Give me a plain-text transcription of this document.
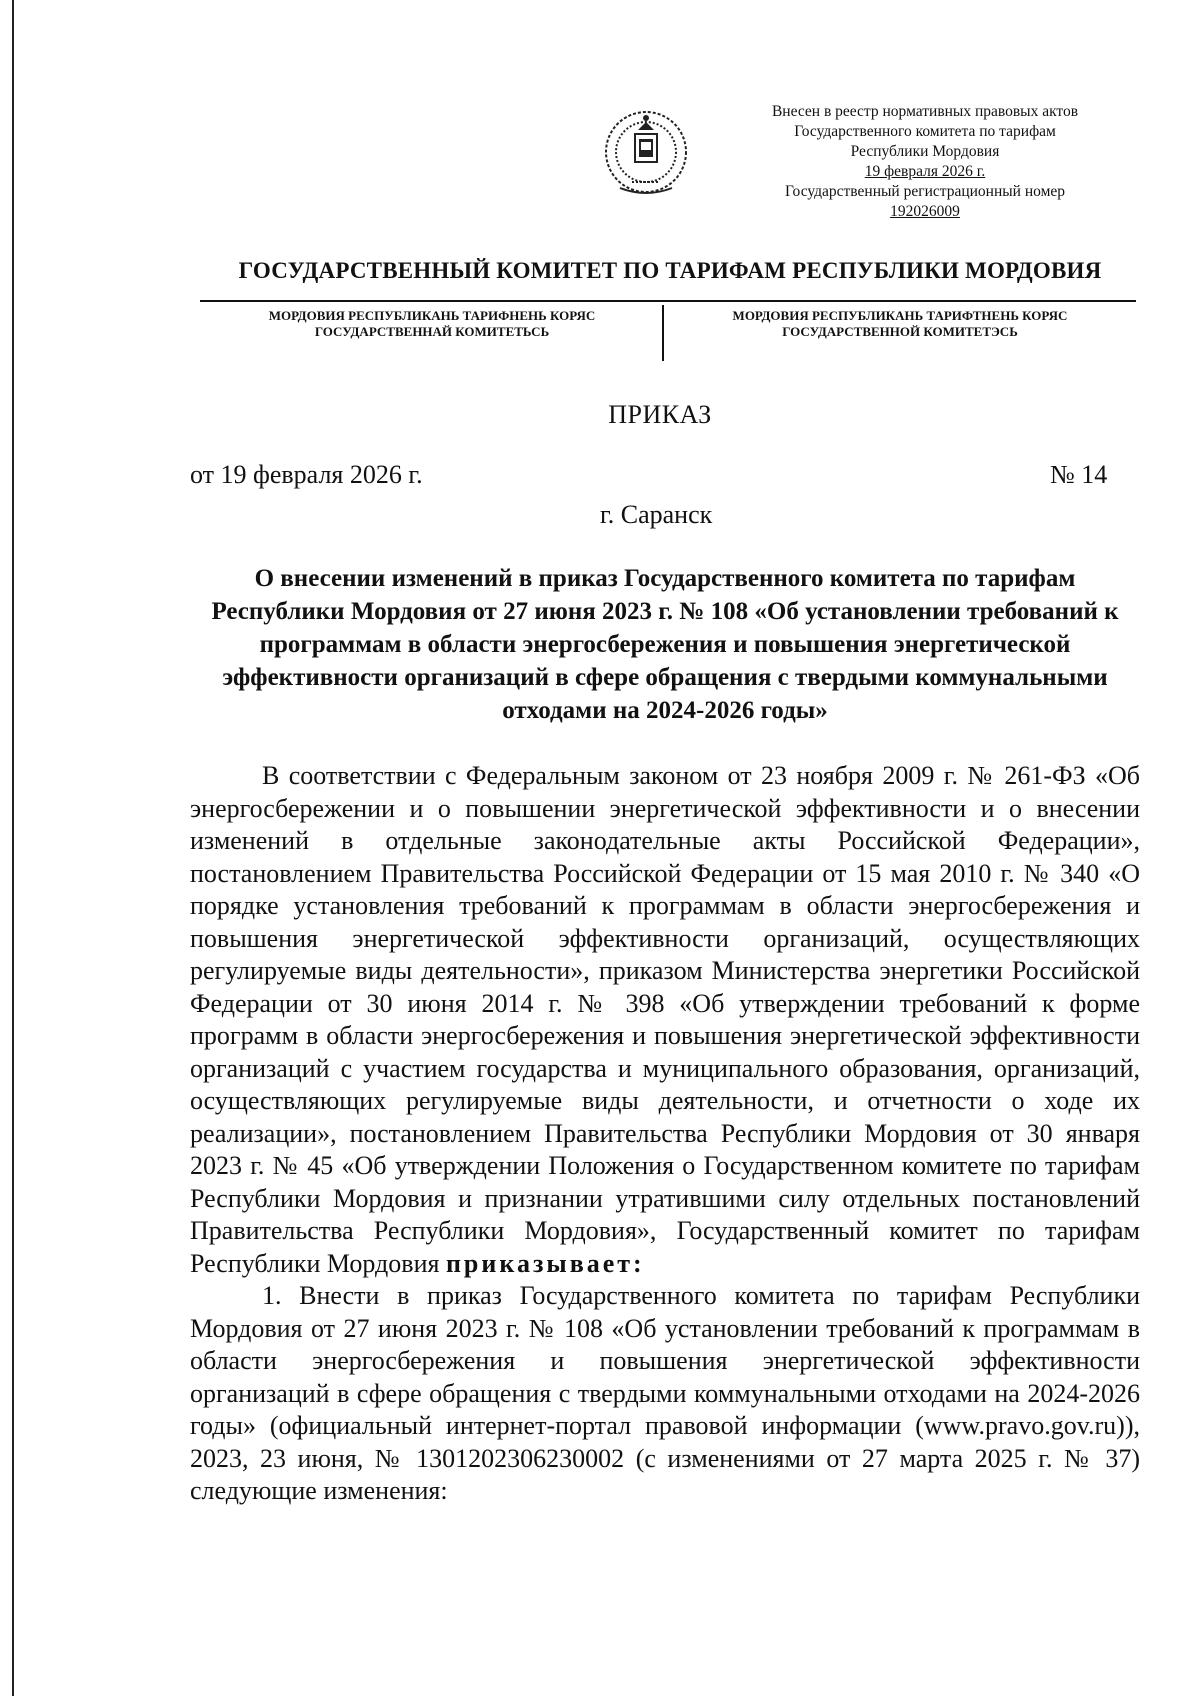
Внесен в реестр нормативных правовых актов
Государственного комитета по тарифам
Республики Мордовия
19 февраля 2026 г.
Государственный регистрационный номер
192026009
ГОСУДАРСТВЕННЫЙ КОМИТЕТ ПО ТАРИФАМ РЕСПУБЛИКИ МОРДОВИЯ
МОРДОВИЯ РЕСПУБЛИКАНЬ ТАРИФНЕНЬ КОРЯС
ГОСУДАРСТВЕННАЙ КОМИТЕТЬСЬ
МОРДОВИЯ РЕСПУБЛИКАНЬ ТАРИФТНЕНЬ КОРЯС
ГОСУДАРСТВЕННОЙ КОМИТЕТЭСЬ
ПРИКАЗ
от 19 февраля 2026 г.	№ 14
г. Саранск
О внесении изменений в приказ Государственного комитета по тарифам Республики Мордовия от 27 июня 2023 г. № 108 «Об установлении требований к программам в области энергосбережения и повышения энергетической эффективности организаций в сфере обращения с твердыми коммунальными отходами на 2024-2026 годы»

В соответствии с Федеральным законом от 23 ноября 2009 г. № 261-ФЗ «Об энергосбережении и о повышении энергетической эффективности и о внесении изменений в отдельные законодательные акты Российской Федерации», постановлением Правительства Российской Федерации от 15 мая 2010 г. № 340 «О порядке установления требований к программам в области энергосбережения и повышения энергетической эффективности организаций, осуществляющих регулируемые виды деятельности», приказом Министерства энергетики Российской Федерации от 30 июня 2014 г. № 398 «Об утверждении требований к форме программ в области энергосбережения и повышения энергетической эффективности организаций с участием государства и муниципального образования, организаций, осуществляющих регулируемые виды деятельности, и отчетности о ходе их реализации», постановлением Правительства Республики Мордовия от 30 января 2023 г. № 45 «Об утверждении Положения о Государственном комитете по тарифам Республики Мордовия и признании утратившими силу отдельных постановлений Правительства Республики Мордовия», Государственный комитет по тарифам Республики Мордовия приказывает:

1. Внести в приказ Государственного комитета по тарифам Республики Мордовия от 27 июня 2023 г. № 108 «Об установлении требований к программам в области энергосбережения и повышения энергетической эффективности организаций в сфере обращения с твердыми коммунальными отходами на 2024-2026 годы» (официальный интернет-портал правовой информации (www.pravo.gov.ru)), 2023, 23 июня, № 1301202306230002 (с изменениями от 27 марта 2025 г. № 37) следующие изменения:
